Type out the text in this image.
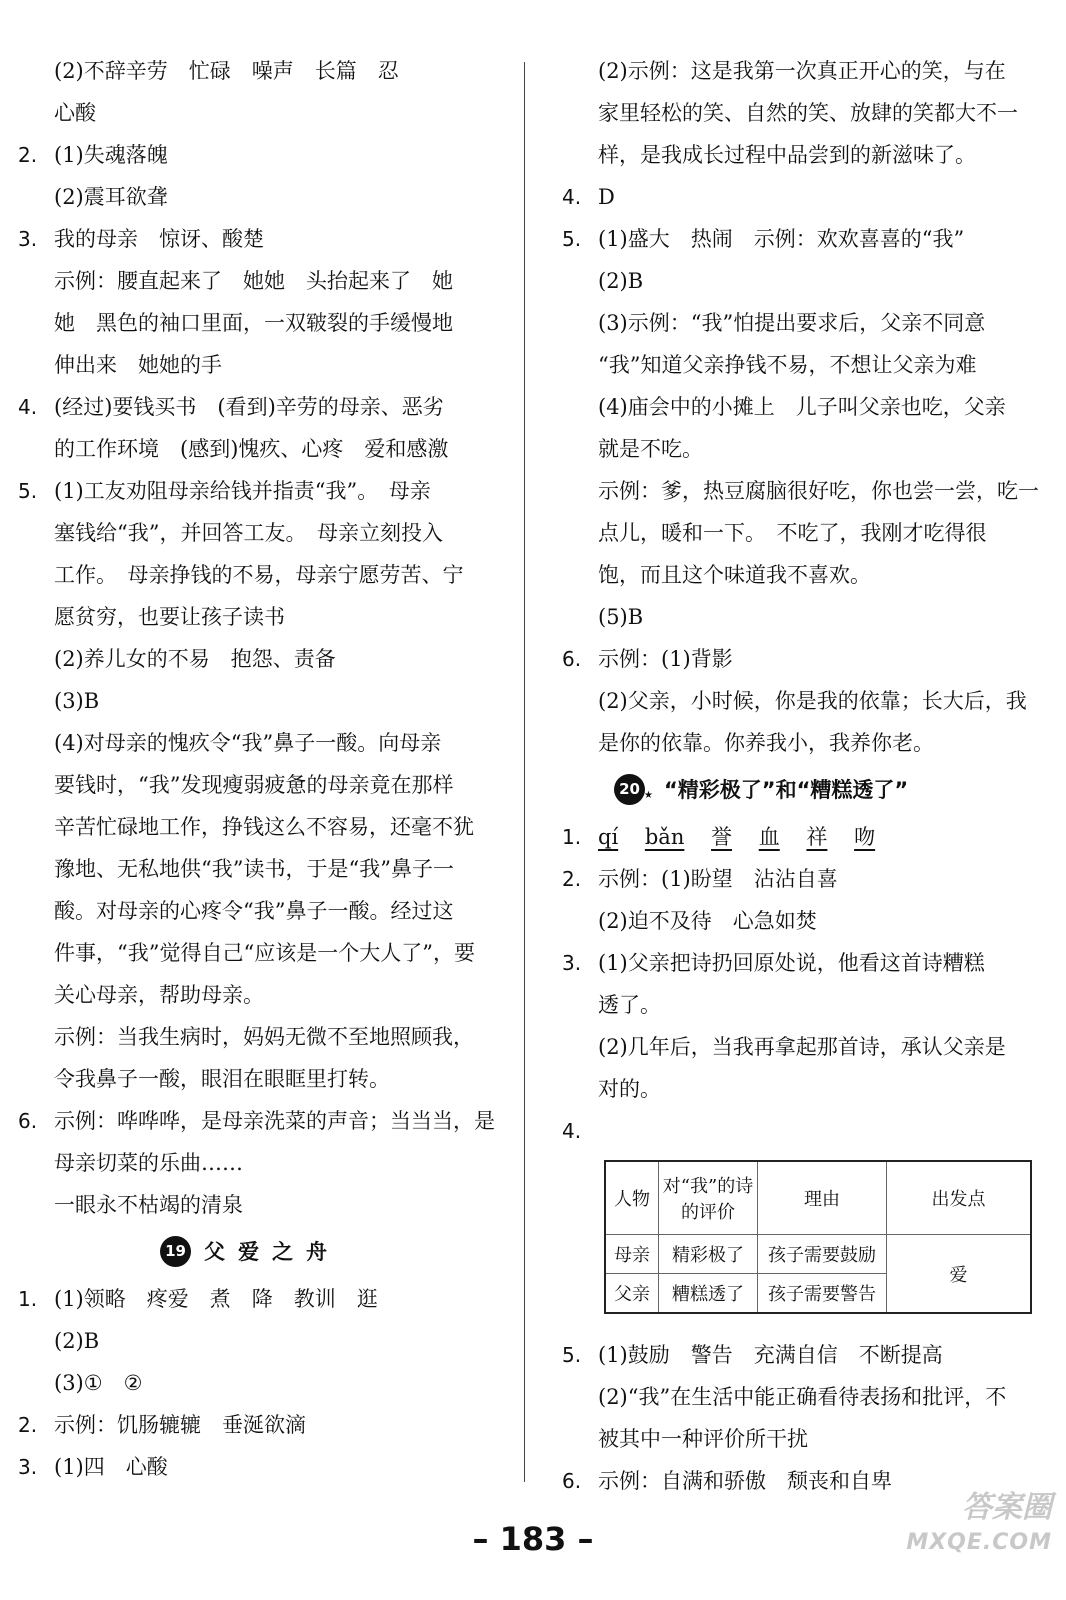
(2)不辞辛劳　忙碌　噪声　长篇　忍
心酸
2. (1)失魂落魄
(2)震耳欲聋
3. 我的母亲　惊讶、酸楚
示例：腰直起来了　她她　头抬起来了　她
她　黑色的袖口里面，一双皲裂的手缓慢地
伸出来　她她的手
4. (经过)要钱买书　(看到)辛劳的母亲、恶劣
的工作环境　(感到)愧疚、心疼　爱和感激
5. (1)工友劝阻母亲给钱并指责“我”。　母亲
塞钱给“我”，并回答工友。　母亲立刻投入
工作。　母亲挣钱的不易，母亲宁愿劳苦、宁
愿贫穷，也要让孩子读书
(2)养儿女的不易　抱怨、责备
(3)B
(4)对母亲的愧疚令“我”鼻子一酸。向母亲
要钱时，“我”发现瘦弱疲惫的母亲竟在那样
辛苦忙碌地工作，挣钱这么不容易，还毫不犹
豫地、无私地供“我”读书，于是“我”鼻子一
酸。对母亲的心疼令“我”鼻子一酸。经过这
件事，“我”觉得自己“应该是一个大人了”，要
关心母亲，帮助母亲。
示例：当我生病时，妈妈无微不至地照顾我，
令我鼻子一酸，眼泪在眼眶里打转。
6. 示例：哗哗哗，是母亲洗菜的声音；当当当，是
母亲切菜的乐曲……
一眼永不枯竭的清泉
19 父爱之舟
1. (1)领略　疼爱　煮　降　教训　逛
(2)B
(3)①　②
2. 示例：饥肠辘辘　垂涎欲滴
3. (1)四　心酸
(2)示例：这是我第一次真正开心的笑，与在
家里轻松的笑、自然的笑、放肆的笑都大不一
样，是我成长过程中品尝到的新滋味了。
4. D
5. (1)盛大　热闹　示例：欢欢喜喜的“我”
(2)B
(3)示例：“我”怕提出要求后，父亲不同意
“我”知道父亲挣钱不易，不想让父亲为难
(4)庙会中的小摊上　儿子叫父亲也吃，父亲
就是不吃。
示例：爹，热豆腐脑很好吃，你也尝一尝，吃一
点儿，暖和一下。　不吃了，我刚才吃得很
饱，而且这个味道我不喜欢。
(5)B
6. 示例：(1)背影
(2)父亲，小时候，你是我的依靠；长大后，我
是你的依靠。你养我小，我养你老。
20 ★ “精彩极了”和“糟糕透了”
1. qí bǎn 誉 血 祥 吻
2. 示例：(1)盼望　沾沾自喜
(2)迫不及待　心急如焚
3. (1)父亲把诗扔回原处说，他看这首诗糟糕
透了。
(2)几年后，当我再拿起那首诗，承认父亲是
对的。
4.
人物	对“我”的诗的评价	理由	出发点
母亲	精彩极了	孩子需要鼓励	爱
父亲	糟糕透了	孩子需要警告	
5. (1)鼓励　警告　充满自信　不断提高
(2)“我”在生活中能正确看待表扬和批评，不
被其中一种评价所干扰
6. 示例：自满和骄傲　颓丧和自卑
– 183 –
答案圈
MXQE.COM
